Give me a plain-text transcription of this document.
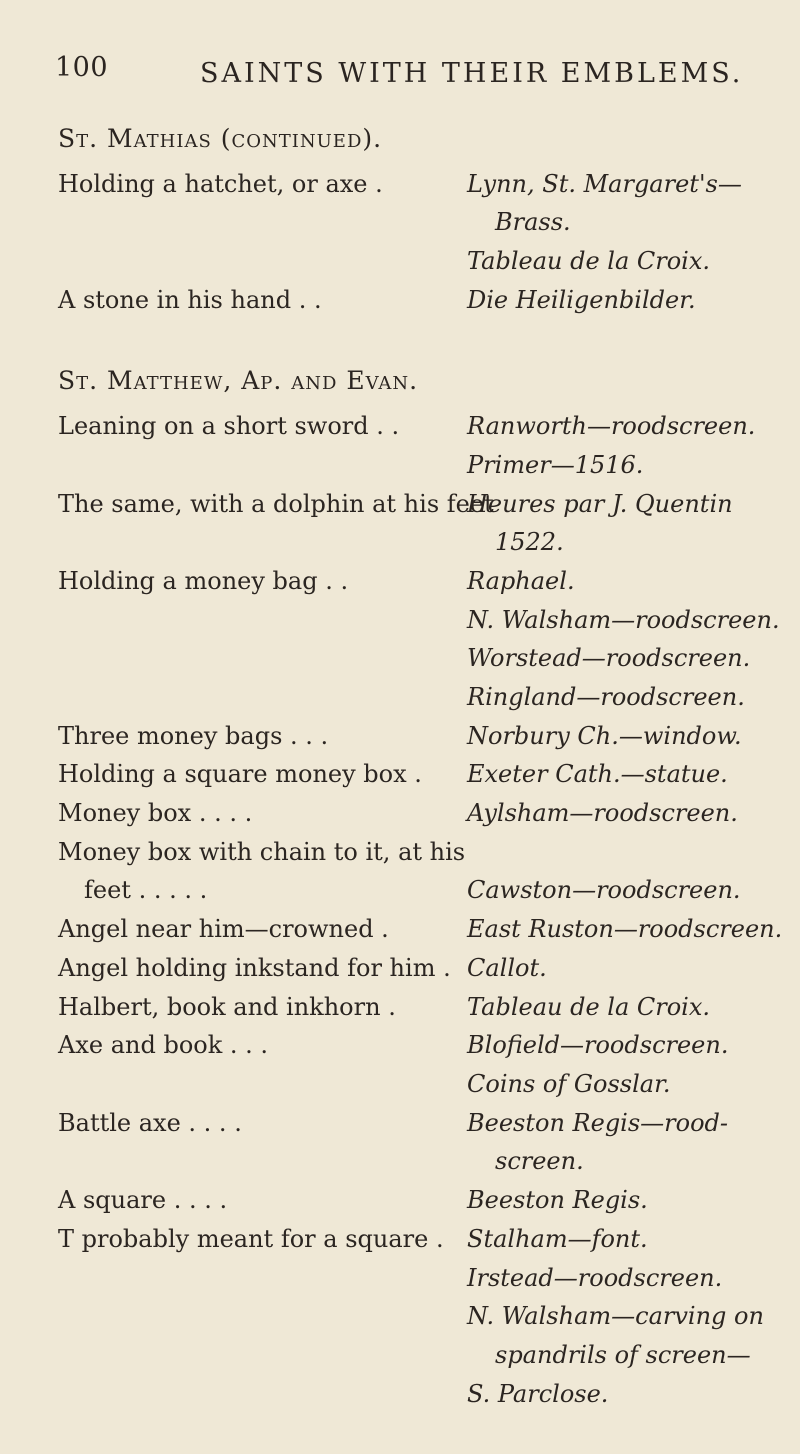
100	SAINTS WITH THEIR EMBLEMS.
St. Mathias (continued).
Holding a hatchet, or axe .
A stone in his hand . .
Lynn, St. Margaret's—
Brass.
Tableau de la Croix.
Die Heiligenbilder.
St. Matthew, Ap. and Evan.
Leaning on a short sword . .
The same, with a dolphin at his feet
Holding a money bag . .
Three money bags . . .
Holding a square money box .
Money box . . . .
Money box with chain to it, at his
feet . . . . .
Angel near him—crowned .
Angel holding inkstand for him .
Halbert, book and inkhorn .
Axe and book . . .
Battle axe . . . .
A square . . . .
T probably meant for a square .
Ranworth—roodscreen.
Primer—1516.
Heures par J. Quentin
1522.
Raphael.
N. Walsham—roodscreen.
Worstead—roodscreen.
Ringland—roodscreen.
Norbury Ch.—window.
Exeter Cath.—statue.
Aylsham—roodscreen.
Cawston—roodscreen.
East Ruston—roodscreen.
Callot.
Tableau de la Croix.
Blofield—roodscreen.
Coins of Gosslar.
Beeston Regis—rood-
screen.
Beeston Regis.
Stalham—font.
Irstead—roodscreen.
N. Walsham—carving on
spandrils of screen—
S. Parclose.
